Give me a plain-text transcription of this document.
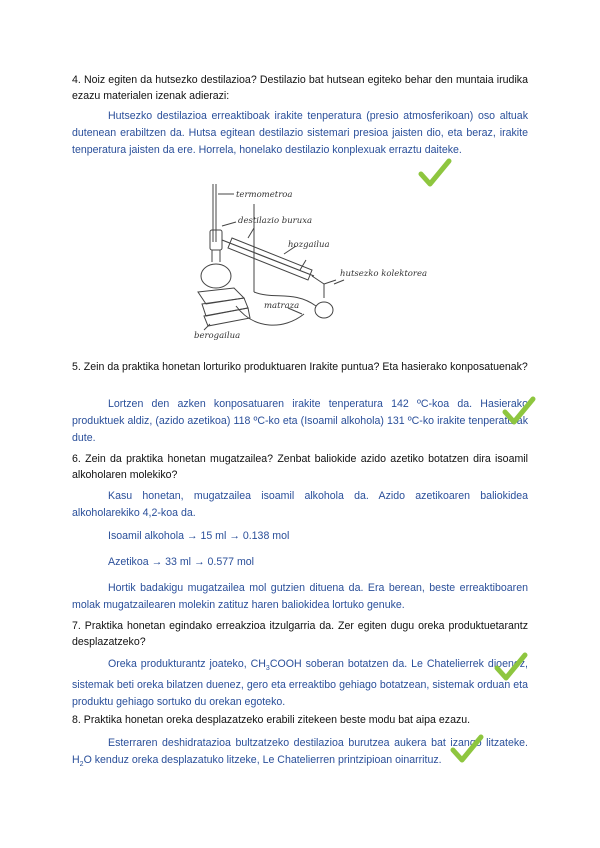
4. Noiz egiten da hutsezko destilazioa? Destilazio bat hutsean egiteko behar den muntaia irudika ezazu materialen izenak adierazi:
Hutsezko destilazioa erreaktiboak irakite tenperatura (presio atmosferikoan) oso altuak dutenean erabiltzen da. Hutsa egitean destilazio sistemari presioa jaisten dio, eta beraz, irakite tenperatura jaisten da ere. Horrela, honelako destilazio konplexuak erraztu daiteke.
termometroa
destilazio buruxa
hozgailua
hutsezko kolektorea
matraza
berogailua
5. Zein da praktika honetan lorturiko produktuaren Irakite puntua? Eta hasierako konposatuenak?
Lortzen den azken konposatuaren irakite tenperatura 142 ºC-koa da. Hasierako produktuek aldiz, (azido azetikoa) 118 ºC-ko eta (Isoamil alkohola) 131 ºC-ko irakite tenperaturak dute.
6. Zein da praktika honetan mugatzailea? Zenbat baliokide azido azetiko botatzen dira isoamil alkoholaren molekiko?
Kasu honetan, mugatzailea isoamil alkohola da. Azido azetikoaren baliokidea alkoholarekiko 4,2-koa da.
Isoamil alkohola → 15 ml → 0.138 mol
Azetikoa → 33 ml → 0.577 mol
Hortik badakigu mugatzailea mol gutzien dituena da. Era berean, beste erreaktiboaren molak mugatzailearen molekin zatituz haren baliokidea lortuko genuke.
7. Praktika honetan egindako erreakzioa itzulgarria da. Zer egiten dugu oreka produktuetarantz desplazatzeko?
Oreka produkturantz joateko, $CH_3COOH$ soberan botatzen da. Le Chatelierrek dioenez, sistemak beti oreka bilatzen duenez, gero eta erreaktibo gehiago botatzean, sistemak orduan eta produktu gehiago sortuko du orekan egoteko.
8. Praktika honetan oreka desplazatzeko erabili zitekeen beste modu bat aipa ezazu.
Esterraren deshidratazioa bultzatzeko destilazioa burutzea aukera bat izango litzateke. $H_2O$ kenduz oreka desplazatuko litzeke, Le Chatelierren printzipioan oinarrituz.
